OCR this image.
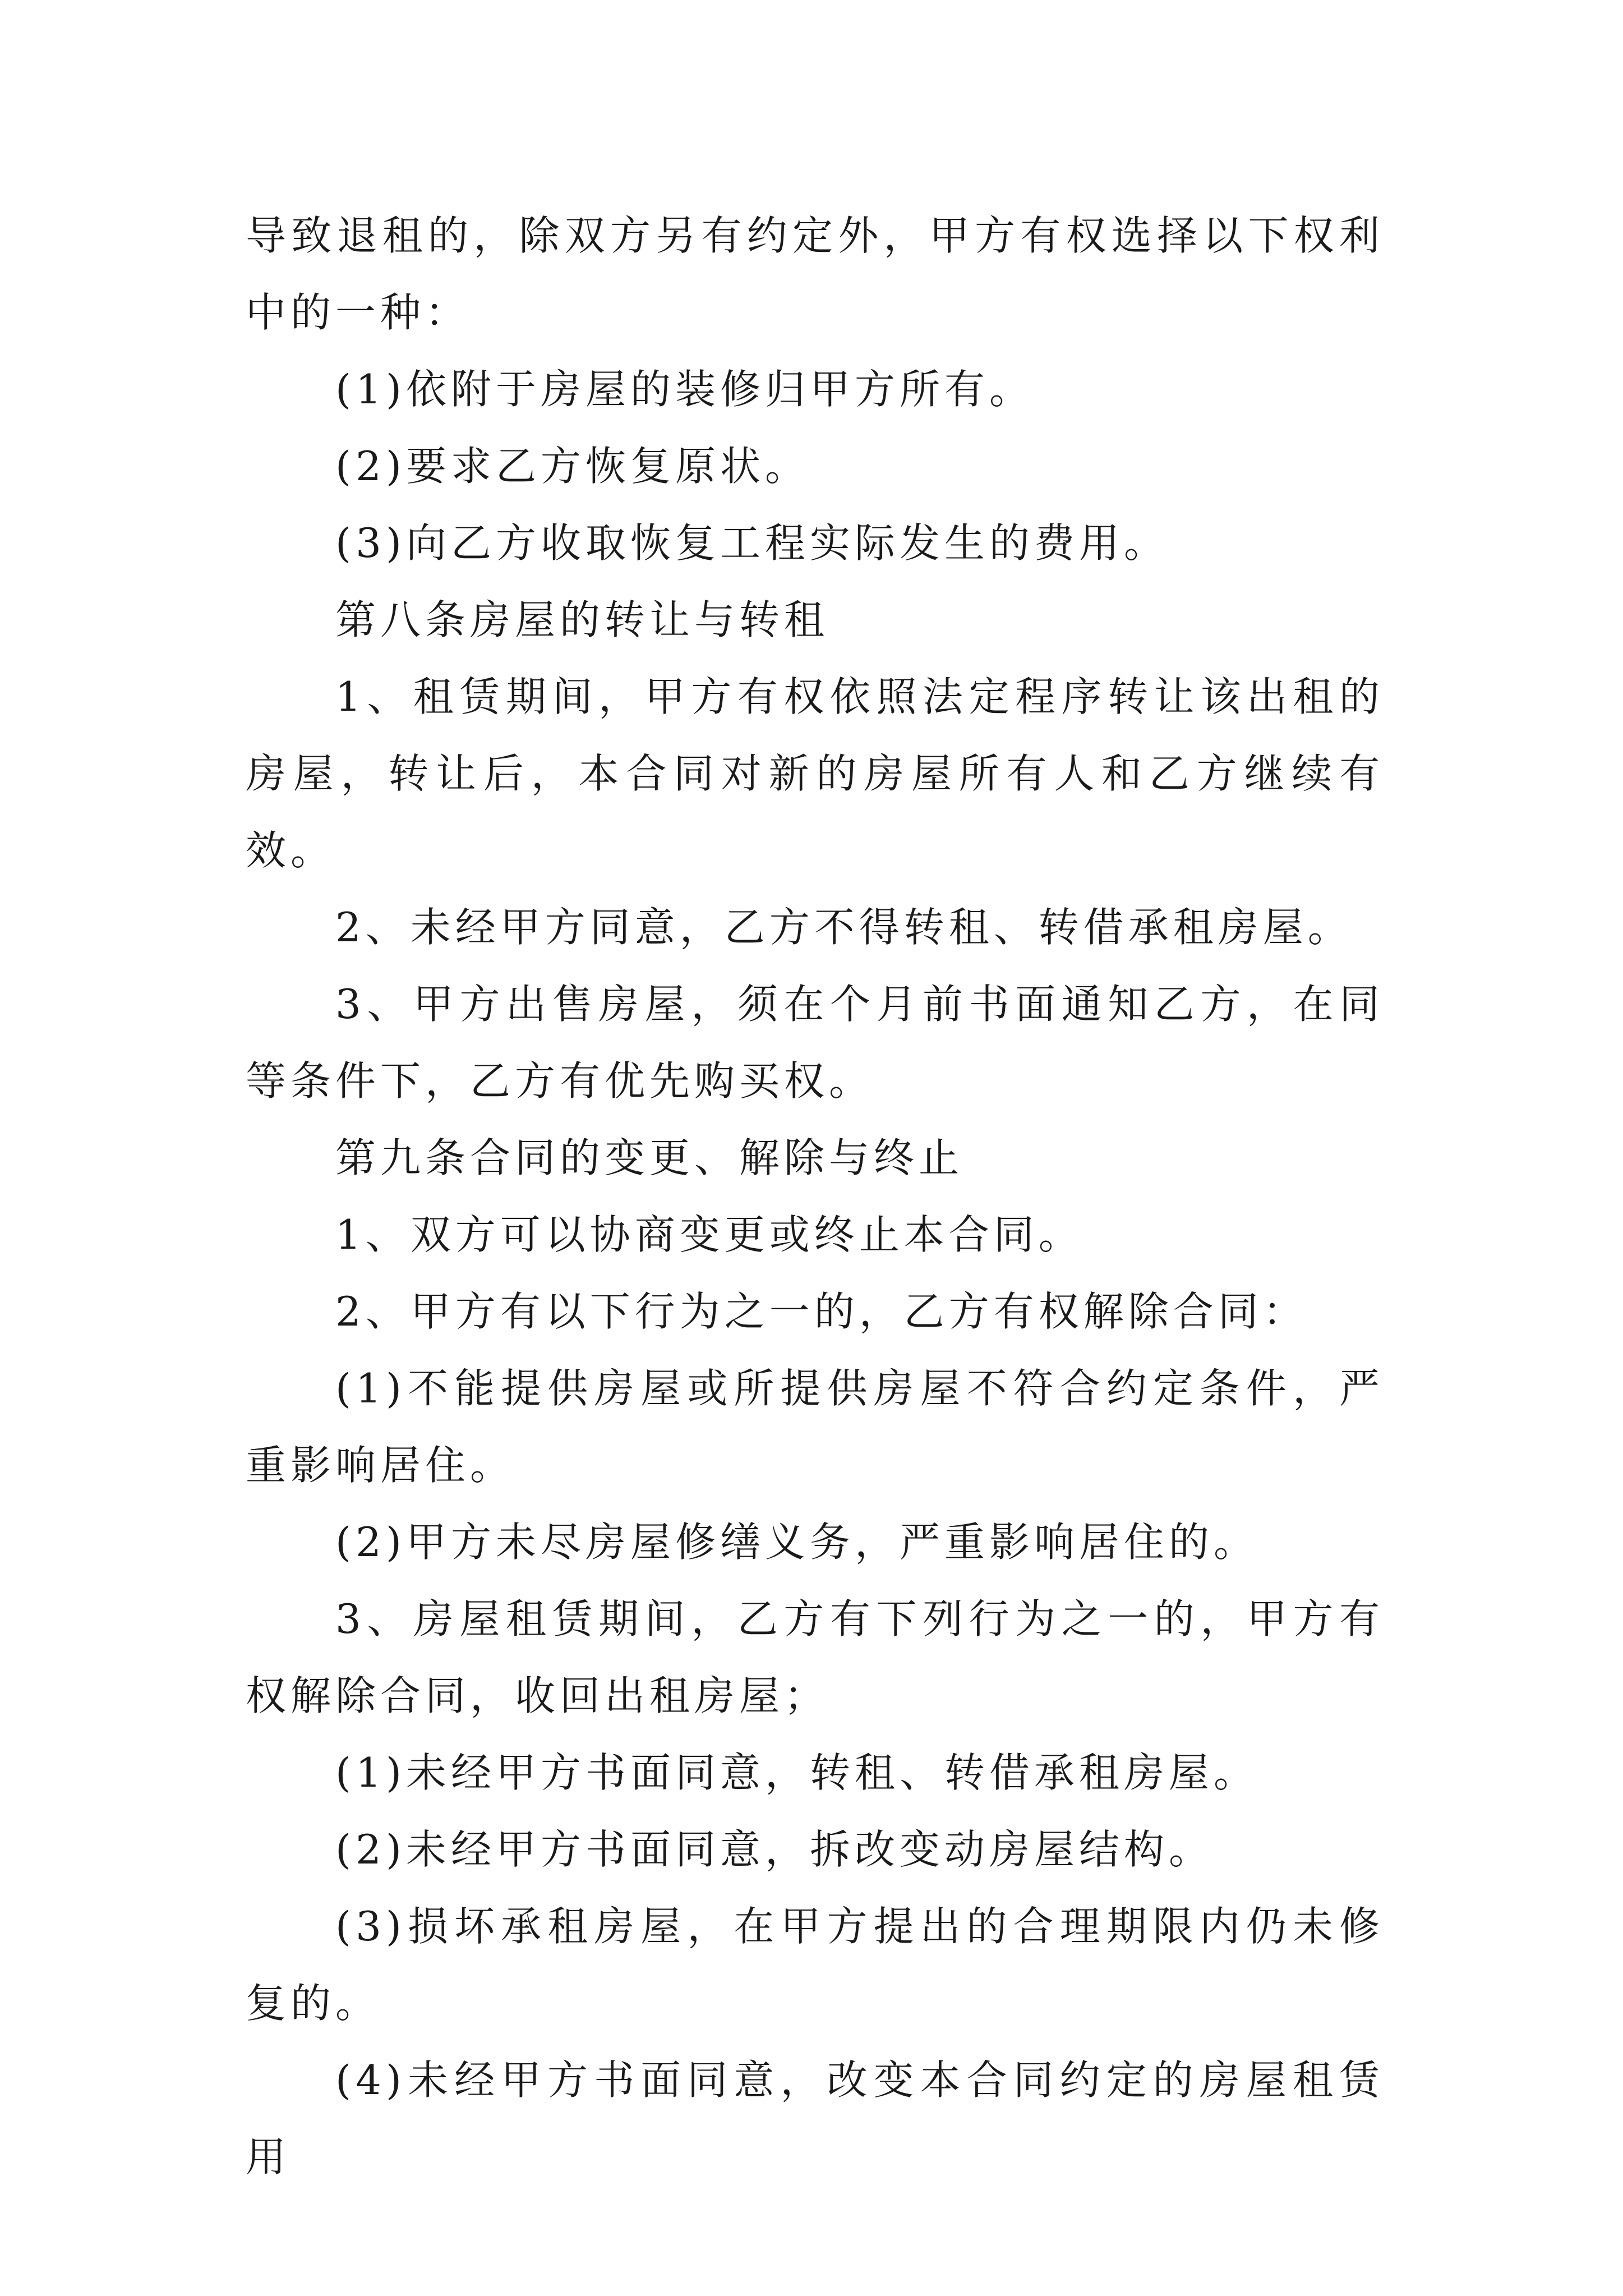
导致退租的，除双方另有约定外，甲方有权选择以下权利中的一种：

(1)依附于房屋的装修归甲方所有。

(2)要求乙方恢复原状。

(3)向乙方收取恢复工程实际发生的费用。

第八条房屋的转让与转租

1、租赁期间，甲方有权依照法定程序转让该出租的房屋，转让后，本合同对新的房屋所有人和乙方继续有效。

2、未经甲方同意，乙方不得转租、转借承租房屋。

3、甲方出售房屋，须在个月前书面通知乙方，在同等条件下，乙方有优先购买权。

第九条合同的变更、解除与终止

1、双方可以协商变更或终止本合同。

2、甲方有以下行为之一的，乙方有权解除合同：

(1)不能提供房屋或所提供房屋不符合约定条件，严重影响居住。

(2)甲方未尽房屋修缮义务，严重影响居住的。

3、房屋租赁期间，乙方有下列行为之一的，甲方有权解除合同，收回出租房屋；

(1)未经甲方书面同意，转租、转借承租房屋。

(2)未经甲方书面同意，拆改变动房屋结构。

(3)损坏承租房屋，在甲方提出的合理期限内仍未修复的。

(4)未经甲方书面同意，改变本合同约定的房屋租赁用
